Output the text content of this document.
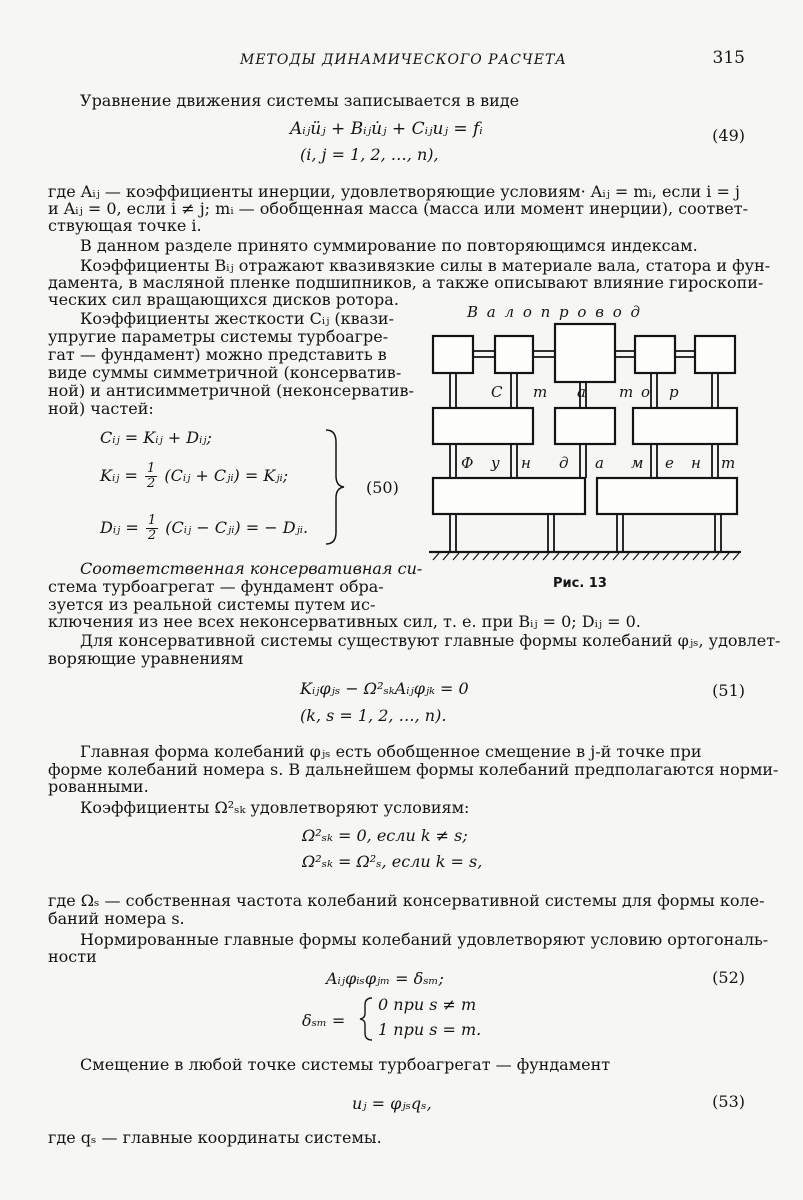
МЕТОДЫ ДИНАМИЧЕСКОГО РАСЧЕТА	315
Уравнение движения системы записывается в виде
Aᵢⱼüⱼ + Bᵢⱼu̇ⱼ + Cᵢⱼuⱼ = fᵢ
(i, j = 1, 2, …, n),
(49)
где Aᵢⱼ — коэффициенты инерции, удовлетворяющие условиям· Aᵢⱼ = mᵢ, если i = j
и Aᵢⱼ = 0, если i ≠ j; mᵢ — обобщенная масса (масса или момент инерции), соответ-
ствующая точке i.
В данном разделе принято суммирование по повторяющимся индексам.
Коэффициенты Bᵢⱼ отражают квазивязкие силы в материале вала, статора и фун-
дамента, в масляной пленке подшипников, а также описывают влияние гироскопи-
ческих сил вращающихся дисков ротора.
Коэффициенты жесткости Cᵢⱼ (квази-
упругие параметры системы турбоагре-
гат — фундамент) можно представить в
виде суммы симметричной (консерватив-
ной) и антисимметричной (неконсерватив-
ной) частей:
Cᵢⱼ = Kᵢⱼ + Dᵢⱼ;
Kᵢⱼ = $\frac{1}{2}$ (Cᵢⱼ + Cⱼᵢ) = Kⱼᵢ;
Dᵢⱼ = $\frac{1}{2}$ (Cᵢⱼ − Cⱼᵢ) = − Dⱼᵢ.
(50)
Соответственная консервативная си-
стема турбоагрегат — фундамент обра-
зуется из реальной системы путем ис-
ключения из нее всех неконсервативных сил, т. е. при Bᵢⱼ = 0; Dᵢⱼ = 0.
В а л о п р о в о д
С т а т о р
Ф у н д а м е н т
Рис. 13
Для консервативной системы существуют главные формы колебаний φⱼₛ, удовлет-
воряющие уравнениям
Kᵢⱼφⱼₛ − Ω²ₛₖAᵢⱼφⱼₖ = 0
(k, s = 1, 2, …, n).
(51)
Главная форма колебаний φⱼₛ есть обобщенное смещение в j-й точке при
форме колебаний номера s. В дальнейшем формы колебаний предполагаются норми-
рованными.
Коэффициенты Ω²ₛₖ удовлетворяют условиям:
Ω²ₛₖ = 0, если k ≠ s;
Ω²ₛₖ = Ω²ₛ, если k = s,
где Ωₛ — собственная частота колебаний консервативной системы для формы коле-
баний номера s.
Нормированные главные формы колебаний удовлетворяют условию ортогональ-
ности
Aᵢⱼφᵢₛφⱼₘ = δₛₘ;	(52)
δₛₘ =
0 при s ≠ m
1 при s = m.
Смещение в любой точке системы турбоагрегат — фундамент
uⱼ = φⱼₛqₛ,	(53)
где qₛ — главные координаты системы.
